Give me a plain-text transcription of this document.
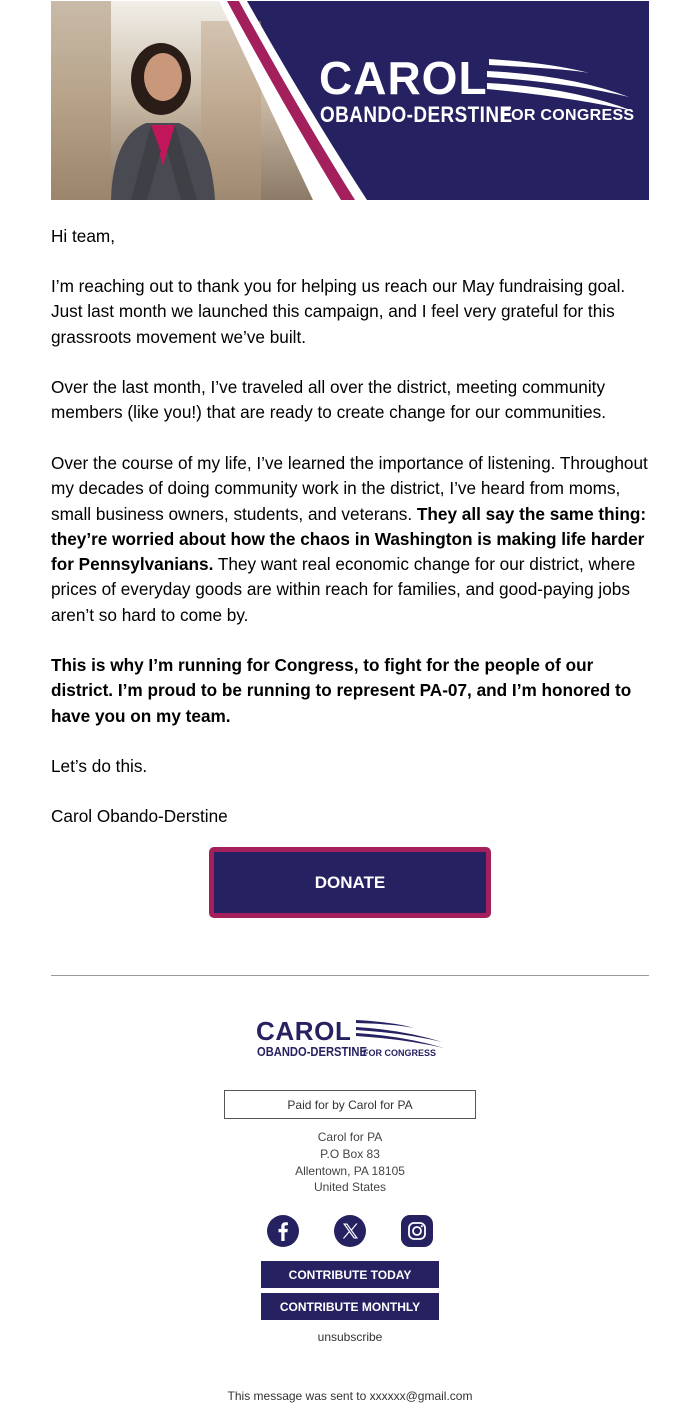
CAROL
OBANDO-DERSTINE
FOR CONGRESS

Hi team,

I’m reaching out to thank you for helping us reach our May fundraising goal. Just last month we launched this campaign, and I feel very grateful for this grassroots movement we’ve built.

Over the last month, I’ve traveled all over the district, meeting community members (like you!) that are ready to create change for our communities.

Over the course of my life, I’ve learned the importance of listening. Throughout my decades of doing community work in the district, I’ve heard from moms, small business owners, students, and veterans. They all say the same thing: they’re worried about how the chaos in Washington is making life harder for Pennsylvanians. They want real economic change for our district, where prices of everyday goods are within reach for families, and good-paying jobs aren’t so hard to come by.

This is why I’m running for Congress, to fight for the people of our district. I’m proud to be running to represent PA-07, and I’m honored to have you on my team.

Let’s do this.

Carol Obando-Derstine

DONATE
CAROL
OBANDO-DERSTINE
FOR CONGRESS
Paid for by Carol for PA
Carol for PA
P.O Box 83
Allentown, PA 18105
United States
CONTRIBUTE TODAY
CONTRIBUTE MONTHLY
unsubscribe
This message was sent to xxxxxx@gmail.com
